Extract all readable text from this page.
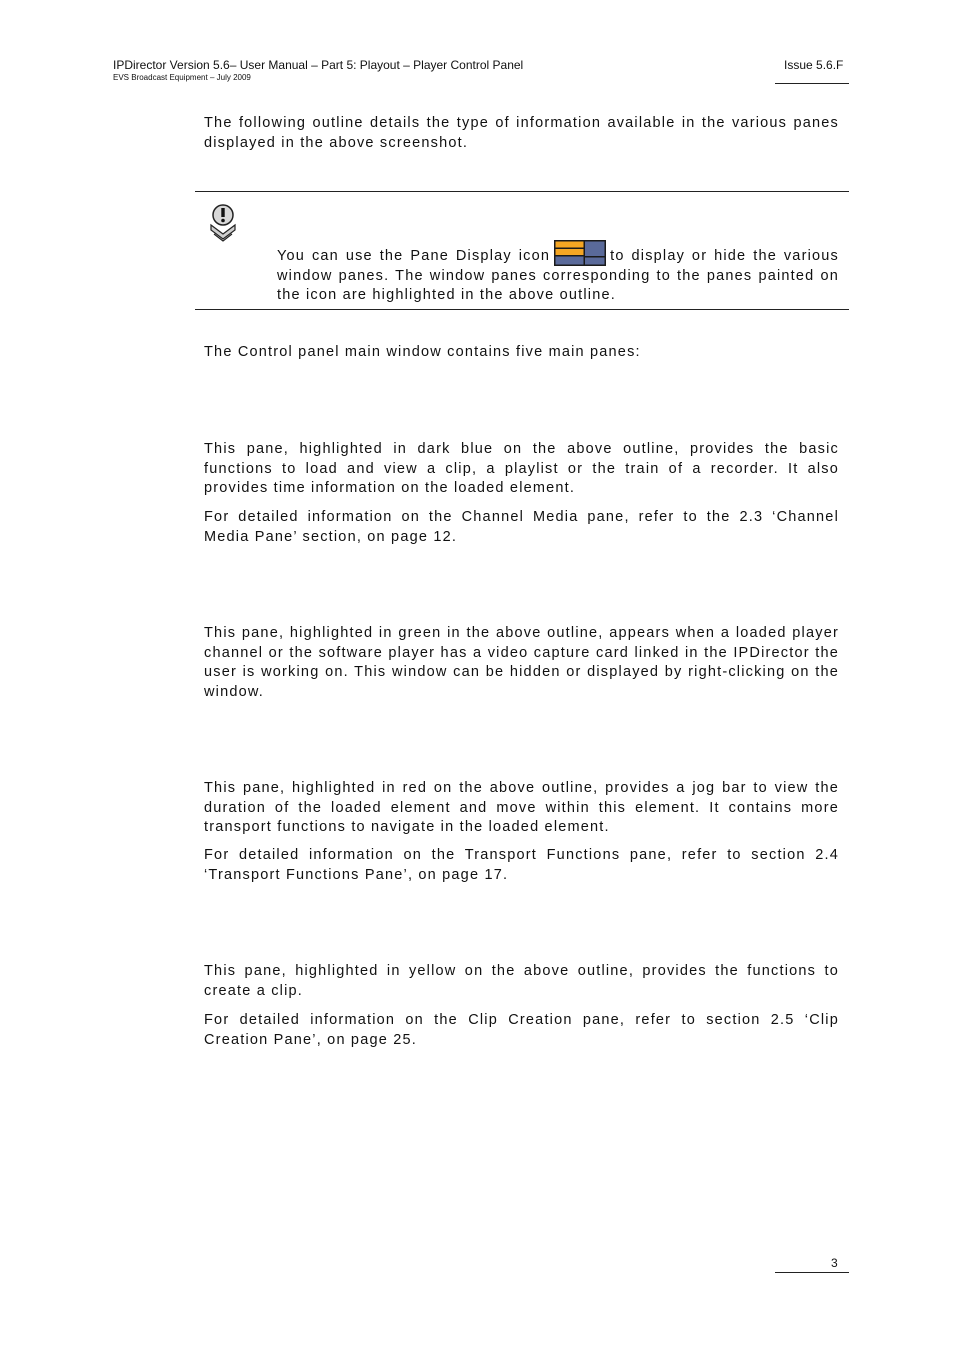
IPDirector Version 5.6– User Manual – Part 5: Playout – Player Control Panel
EVS Broadcast Equipment – July 2009
Issue 5.6.F

The following outline details the type of information available in the various panes displayed in the above screenshot.

You can use the Pane Display icon	to display or hide the various window panes. The window panes corresponding to the panes painted on the icon are highlighted in the above outline.

The Control panel main window contains five main panes:

This pane, highlighted in dark blue on the above outline, provides the basic functions to load and view a clip, a playlist or the train of a recorder. It also provides time information on the loaded element.

For detailed information on the Channel Media pane, refer to the 2.3 ‘Channel Media Pane’ section, on page 12.

This pane, highlighted in green in the above outline, appears when a loaded player channel or the software player has a video capture card linked in the IPDirector the user is working on. This window can be hidden or displayed by right-clicking on the window.

This pane, highlighted in red on the above outline, provides a jog bar to view the duration of the loaded element and move within this element. It contains more transport functions to navigate in the loaded element.

For detailed information on the Transport Functions pane, refer to section 2.4 ‘Transport Functions Pane’, on page 17.

This pane, highlighted in yellow on the above outline, provides the functions to create a clip.

For detailed information on the Clip Creation pane, refer to section 2.5 ‘Clip Creation Pane’, on page 25.

3
